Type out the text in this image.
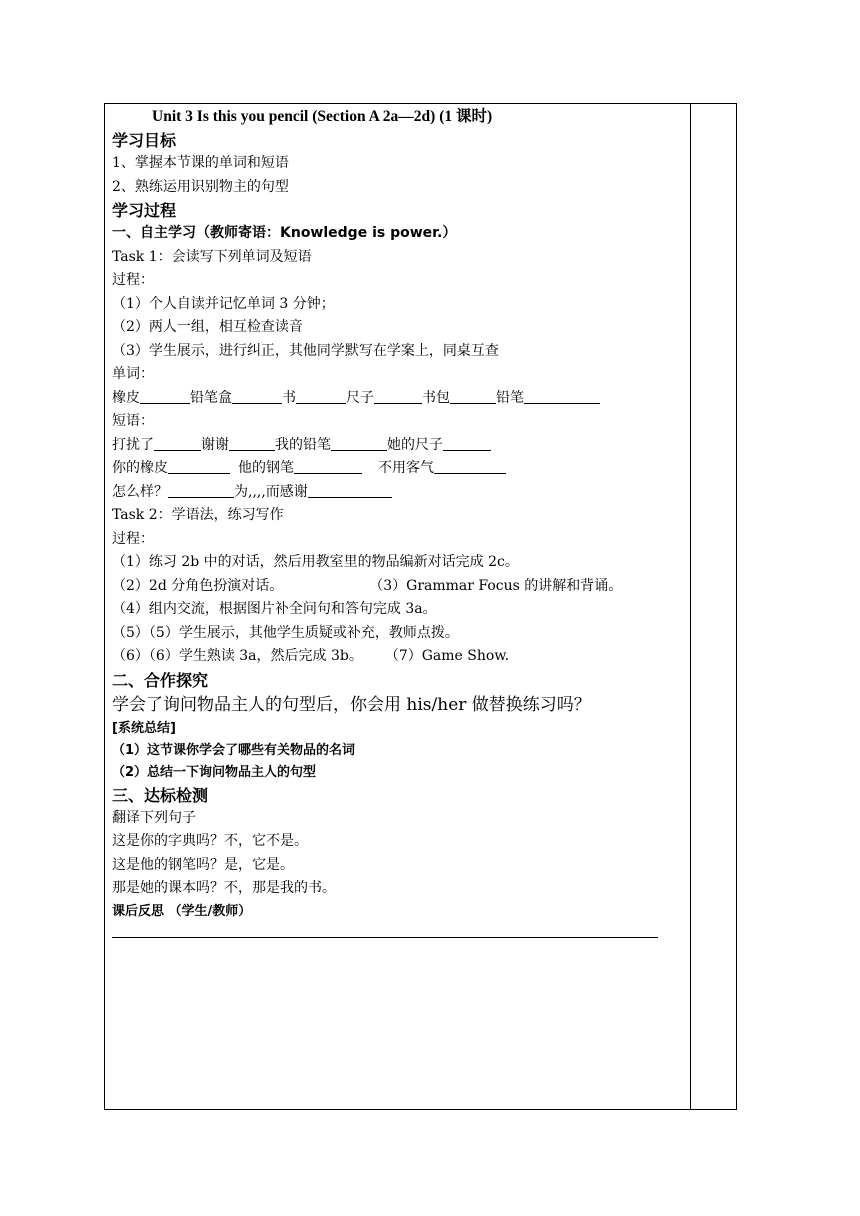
Unit 3 Is this you pencil (Section A 2a—2d) (1 课时)
学习目标
1、掌握本节课的单词和短语
2、熟练运用识别物主的句型
学习过程
一、自主学习（教师寄语：Knowledge is power.）
Task 1：会读写下列单词及短语
过程：
（1）个人自读并记忆单词 3 分钟；
（2）两人一组，相互检查读音
（3）学生展示，进行纠正，其他同学默写在学案上，同桌互查
单词：
橡皮	铅笔盒	书	尺子	书包	铅笔
短语：
打扰了	谢谢	我的铅笔	她的尺子
你的橡皮	他的钢笔	不用客气
怎么样？	为,,,,而感谢
Task 2：学语法，练习写作
过程：
（1）练习 2b 中的对话，然后用教室里的物品编新对话完成 2c。
（2）2d 分角色扮演对话。	（3）Grammar Focus 的讲解和背诵。
（4）组内交流，根据图片补全问句和答句完成 3a。
（5）（5）学生展示，其他学生质疑或补充，教师点拨。
（6）（6）学生熟读 3a，然后完成 3b。 （7）Game Show.
二、合作探究
学会了询问物品主人的句型后，你会用 his/her 做替换练习吗？
[系统总结]
（1）这节课你学会了哪些有关物品的名词
（2）总结一下询问物品主人的句型
三、达标检测
翻译下列句子
这是你的字典吗？不，它不是。
这是他的钢笔吗？是，它是。
那是她的课本吗？不，那是我的书。
课后反思 （学生/教师）
